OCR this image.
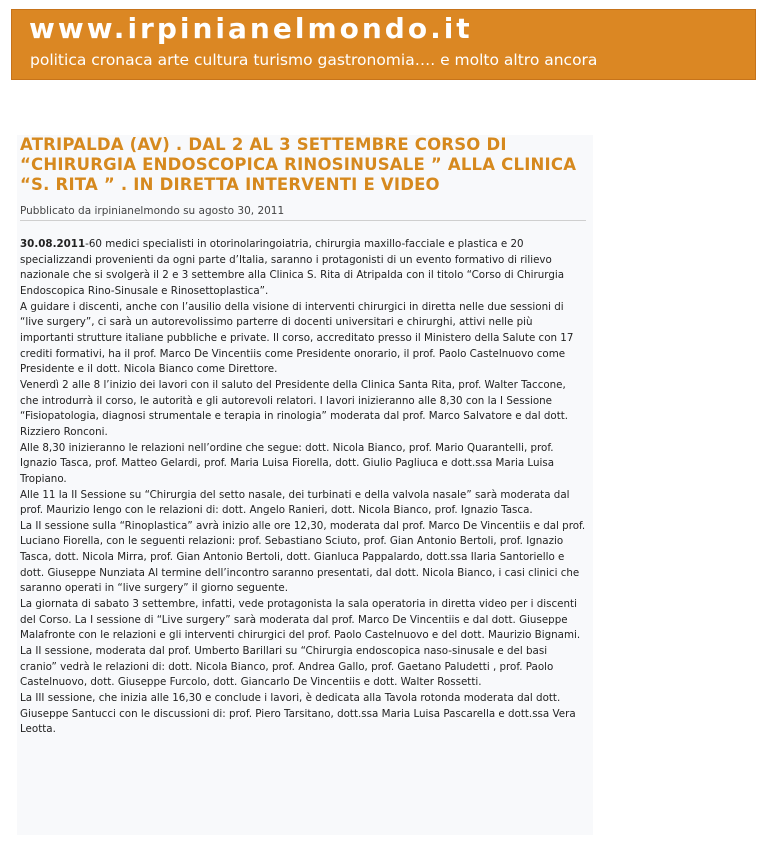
www.irpinianelmondo.it
politica cronaca arte cultura turismo gastronomia…. e molto altro ancora
ATRIPALDA (AV) . DAL 2 AL 3 SETTEMBRE CORSO DI “CHIRURGIA ENDOSCOPICA RINOSINUSALE ” ALLA CLINICA “S. RITA ” . IN DIRETTA INTERVENTI E VIDEO
Pubblicato da irpinianelmondo su agosto 30, 2011

30.08.2011-60 medici specialisti in otorinolaringoiatria, chirurgia maxillo-facciale e plastica e 20 specializzandi provenienti da ogni parte d’Italia, saranno i protagonisti di un evento formativo di rilievo nazionale che si svolgerà il 2 e 3 settembre alla Clinica S. Rita di Atripalda con il titolo “Corso di Chirurgia Endoscopica Rino-Sinusale e Rinosettoplastica”.

A guidare i discenti, anche con l’ausilio della visione di interventi chirurgici in diretta nelle due sessioni di “live surgery”, ci sarà un autorevolissimo parterre di docenti universitari e chirurghi, attivi nelle più importanti strutture italiane pubbliche e private. Il corso, accreditato presso il Ministero della Salute con 17 crediti formativi, ha il prof. Marco De Vincentiis come Presidente onorario, il prof. Paolo Castelnuovo come Presidente e il dott. Nicola Bianco come Direttore.

Venerdì 2 alle 8 l’inizio dei lavori con il saluto del Presidente della Clinica Santa Rita, prof. Walter Taccone, che introdurrà il corso, le autorità e gli autorevoli relatori. I lavori inizieranno alle 8,30 con la I Sessione “Fisiopatologia, diagnosi strumentale e terapia in rinologia” moderata dal prof. Marco Salvatore e dal dott. Rizziero Ronconi.

Alle 8,30 inizieranno le relazioni nell’ordine che segue: dott. Nicola Bianco, prof. Mario Quarantelli, prof. Ignazio Tasca, prof. Matteo Gelardi, prof. Maria Luisa Fiorella, dott. Giulio Pagliuca e dott.ssa Maria Luisa Tropiano.

Alle 11 la II Sessione su “Chirurgia del setto nasale, dei turbinati e della valvola nasale” sarà moderata dal prof. Maurizio Iengo con le relazioni di: dott. Angelo Ranieri, dott. Nicola Bianco, prof. Ignazio Tasca.

La II sessione sulla “Rinoplastica” avrà inizio alle ore 12,30, moderata dal prof. Marco De Vincentiis e dal prof. Luciano Fiorella, con le seguenti relazioni: prof. Sebastiano Sciuto, prof. Gian Antonio Bertoli, prof. Ignazio Tasca, dott. Nicola Mirra, prof. Gian Antonio Bertoli, dott. Gianluca Pappalardo, dott.ssa Ilaria Santoriello e dott. Giuseppe Nunziata Al termine dell’incontro saranno presentati, dal dott. Nicola Bianco, i casi clinici che saranno operati in “live surgery” il giorno seguente.

La giornata di sabato 3 settembre, infatti, vede protagonista la sala operatoria in diretta video per i discenti del Corso. La I sessione di “Live surgery” sarà moderata dal prof. Marco De Vincentiis e dal dott. Giuseppe Malafronte con le relazioni e gli interventi chirurgici del prof. Paolo Castelnuovo e del dott. Maurizio Bignami.

La II sessione, moderata dal prof. Umberto Barillari su “Chirurgia endoscopica naso-sinusale e del basi cranio” vedrà le relazioni di: dott. Nicola Bianco, prof. Andrea Gallo, prof. Gaetano Paludetti , prof. Paolo Castelnuovo, dott. Giuseppe Furcolo, dott. Giancarlo De Vincentiis e dott. Walter Rossetti.

La III sessione, che inizia alle 16,30 e conclude i lavori, è dedicata alla Tavola rotonda moderata dal dott. Giuseppe Santucci con le discussioni di: prof. Piero Tarsitano, dott.ssa Maria Luisa Pascarella e dott.ssa Vera Leotta.
